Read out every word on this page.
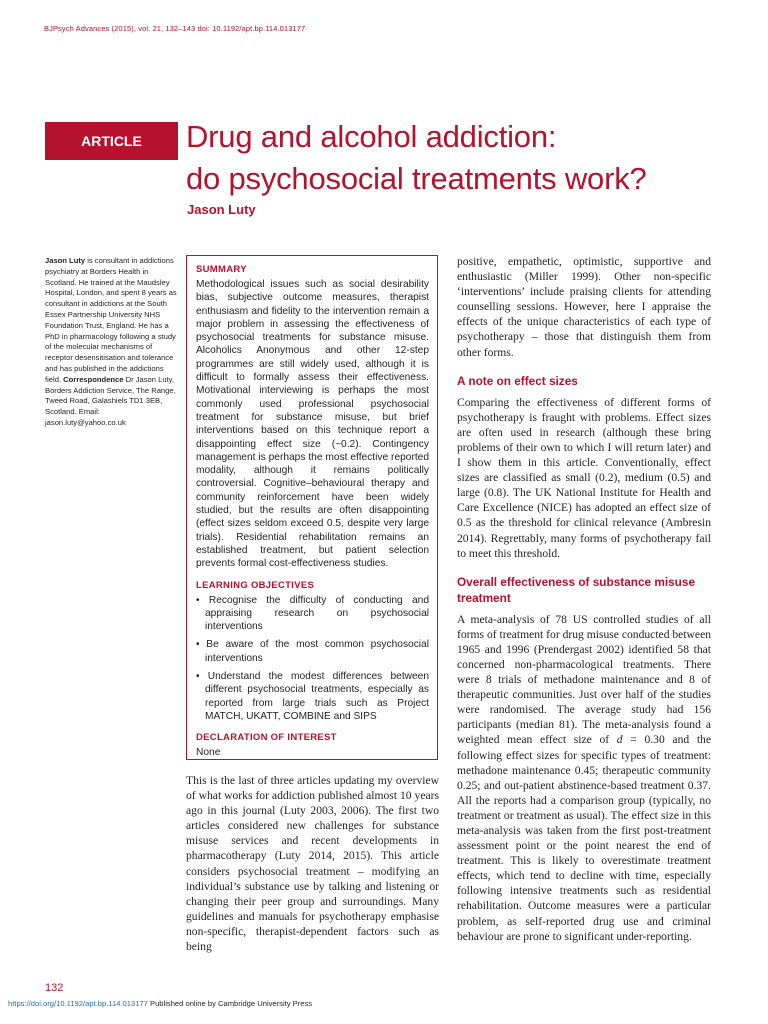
BJPsych Advances (2015), vol. 21, 132–143 doi: 10.1192/apt.bp.114.013177
ARTICLE	Drug and alcohol addiction:
do psychosocial treatments work?
Jason Luty
Jason Luty is consultant in addictions psychiatry at Borders Health in Scotland. He trained at the Maudsley Hospital, London, and spent 8 years as consultant in addictions at the South Essex Partnership University NHS Foundation Trust, England. He has a PhD in pharmacology following a study of the molecular mechanisms of receptor desensitisation and tolerance and has published in the addictions field. Correspondence Dr Jason Luty, Borders Addiction Service, The Range, Tweed Road, Galashiels TD1 3EB, Scotland. Email: jason.luty@yahoo.co.uk
SUMMARY
Methodological issues such as social desirability bias, subjective outcome measures, therapist enthusiasm and fidelity to the intervention remain a major problem in assessing the effectiveness of psychosocial treatments for substance misuse. Alcoholics Anonymous and other 12-step programmes are still widely used, although it is difficult to formally assess their effectiveness. Motivational interviewing is perhaps the most commonly used professional psychosocial treatment for substance misuse, but brief interventions based on this technique report a disappointing effect size (~0.2). Contingency management is perhaps the most effective reported modality, although it remains politically controversial. Cognitive–behavioural therapy and community reinforcement have been widely studied, but the results are often disappointing (effect sizes seldom exceed 0.5, despite very large trials). Residential rehabilitation remains an established treatment, but patient selection prevents formal cost-effectiveness studies.
LEARNING OBJECTIVES
• Recognise the difficulty of conducting and appraising research on psychosocial interventions
• Be aware of the most common psychosocial interventions
• Understand the modest differences between different psychosocial treatments, especially as reported from large trials such as Project MATCH, UKATT, COMBINE and SIPS
DECLARATION OF INTEREST
None
This is the last of three articles updating my overview of what works for addiction published almost 10 years ago in this journal (Luty 2003, 2006). The first two articles considered new challenges for substance misuse services and recent developments in pharmacotherapy (Luty 2014, 2015). This article considers psychosocial treatment – modifying an individual’s substance use by talking and listening or changing their peer group and surroundings. Many guidelines and manuals for psychotherapy emphasise non-specific, therapist-dependent factors such as being

positive, empathetic, optimistic, supportive and enthusiastic (Miller 1999). Other non-specific ‘interventions’ include praising clients for attending counselling sessions. However, here I appraise the effects of the unique characteristics of each type of psychotherapy – those that distinguish them from other forms.

A note on effect sizes

Comparing the effectiveness of different forms of psychotherapy is fraught with problems. Effect sizes are often used in research (although these bring problems of their own to which I will return later) and I show them in this article. Conventionally, effect sizes are classified as small (0.2), medium (0.5) and large (0.8). The UK National Institute for Health and Care Excellence (NICE) has adopted an effect size of 0.5 as the threshold for clinical relevance (Ambresin 2014). Regrettably, many forms of psychotherapy fail to meet this threshold.

Overall effectiveness of substance misuse treatment

A meta-analysis of 78 US controlled studies of all forms of treatment for drug misuse conducted between 1965 and 1996 (Prendergast 2002) identified 58 that concerned non-pharmacological treatments. There were 8 trials of methadone maintenance and 8 of therapeutic communities. Just over half of the studies were randomised. The average study had 156 participants (median 81). The meta-analysis found a weighted mean effect size of d = 0.30 and the following effect sizes for specific types of treatment: methadone maintenance 0.45; therapeutic community 0.25; and out-patient abstinence-based treatment 0.37. All the reports had a comparison group (typically, no treatment or treatment as usual). The effect size in this meta-analysis was taken from the first post-treatment assessment point or the point nearest the end of treatment. This is likely to overestimate treatment effects, which tend to decline with time, especially following intensive treatments such as residential rehabilitation. Outcome measures were a particular problem, as self-reported drug use and criminal behaviour are prone to significant under-reporting.

132
https://doi.org/10.1192/apt.bp.114.013177 Published online by Cambridge University Press
